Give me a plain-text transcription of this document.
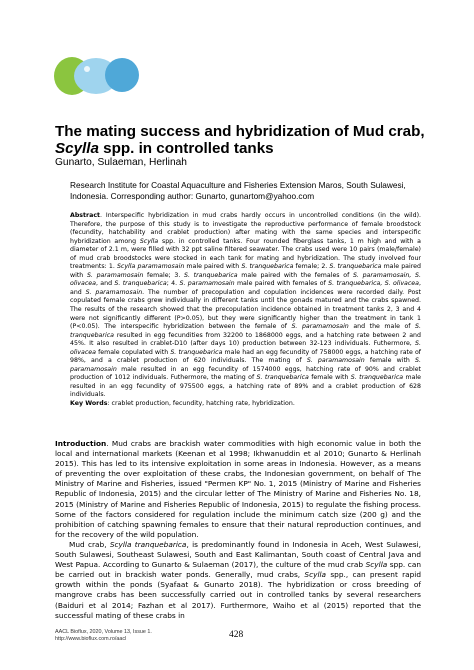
The mating success and hybridization of Mud crab, Scylla spp. in controlled tanks
Gunarto, Sulaeman, Herlinah
Research Institute for Coastal Aquaculture and Fisheries Extension Maros, South Sulawesi, Indonesia. Corresponding author: Gunarto, gunartom@yahoo.com
Abstract. Interspecific hybridization in mud crabs hardly occurs in uncontrolled conditions (in the wild). Therefore, the purpose of this study is to investigate the reproductive performance of female broodstock (fecundity, hatchability and crablet production) after mating with the same species and interspecific hybridization among Scylla spp. in controlled tanks. Four rounded fiberglass tanks, 1 m high and with a diameter of 2.1 m, were filled with 32 ppt saline filtered seawater. The crabs used were 10 pairs (male/female) of mud crab broodstocks were stocked in each tank for mating and hybridization. The study involved four treatments: 1. Scylla paramamosain male paired with S. tranquebarica female; 2. S. tranquebarica male paired with S. paramamosain female; 3. S. tranquebarica male paired with the females of S. paramamosain, S. olivacea, and S. tranquebarica; 4. S. paramamosain male paired with females of S. tranquebarica, S. olivacea, and S. paramamosain. The number of precopulation and copulation incidences were recorded daily. Post copulated female crabs grew individually in different tanks until the gonads matured and the crabs spawned. The results of the research showed that the precopulation incidence obtained in treatment tanks 2, 3 and 4 were not significantly different (P>0.05), but they were significantly higher than the treatment in tank 1 (P<0.05). The interspecific hybridization between the female of S. paramamosain and the male of S. tranquebarica resulted in egg fecundities from 32200 to 1868000 eggs, and a hatching rate between 2 and 45%. It also resulted in crablet-D10 (after days 10) production between 32-123 individuals. Futhermore, S. olivacea female copulated with S. tranquebarica male had an egg fecundity of 758000 eggs, a hatching rate of 98%, and a crablet production of 620 individuals. The mating of S. paramamosain female with S. paramamosain male resulted in an egg fecundity of 1574000 eggs, hatching rate of 90% and crablet production of 1012 individuals. Futhermore, the mating of S. tranquebarica female with S. tranquebarica male resulted in an egg fecundity of 975500 eggs, a hatching rate of 89% and a crablet production of 628 individuals.
Key Words: crablet production, fecundity, hatching rate, hybridization.

Introduction. Mud crabs are brackish water commodities with high economic value in both the local and international markets (Keenan et al 1998; Ikhwanuddin et al 2010; Gunarto & Herlinah 2015). This has led to its intensive exploitation in some areas in Indonesia. However, as a means of preventing the over exploitation of these crabs, the Indonesian government, on behalf of The Ministry of Marine and Fisheries, issued "Permen KP" No. 1, 2015 (Ministry of Marine and Fisheries Republic of Indonesia, 2015) and the circular letter of The Ministry of Marine and Fisheries No. 18, 2015 (Ministry of Marine and Fisheries Republic of Indonesia, 2015) to regulate the fishing process. Some of the factors considered for regulation include the minimum catch size (200 g) and the prohibition of catching spawning females to ensure that their natural reproduction continues, and for the recovery of the wild population.

Mud crab, Scylla tranquebarica, is predominantly found in Indonesia in Aceh, West Sulawesi, South Sulawesi, Southeast Sulawesi, South and East Kalimantan, South coast of Central Java and West Papua. According to Gunarto & Sulaeman (2017), the culture of the mud crab Scylla spp. can be carried out in brackish water ponds. Generally, mud crabs, Scylla spp., can present rapid growth within the ponds (Syafaat & Gunarto 2018). The hybridization or cross breeding of mangrove crabs has been successfully carried out in controlled tanks by several researchers (Baiduri et al 2014; Fazhan et al 2017). Furthermore, Waiho et al (2015) reported that the successful mating of these crabs in

AACL Bioflux, 2020, Volume 13, Issue 1.
http://www.bioflux.com.ro/aacl	428
